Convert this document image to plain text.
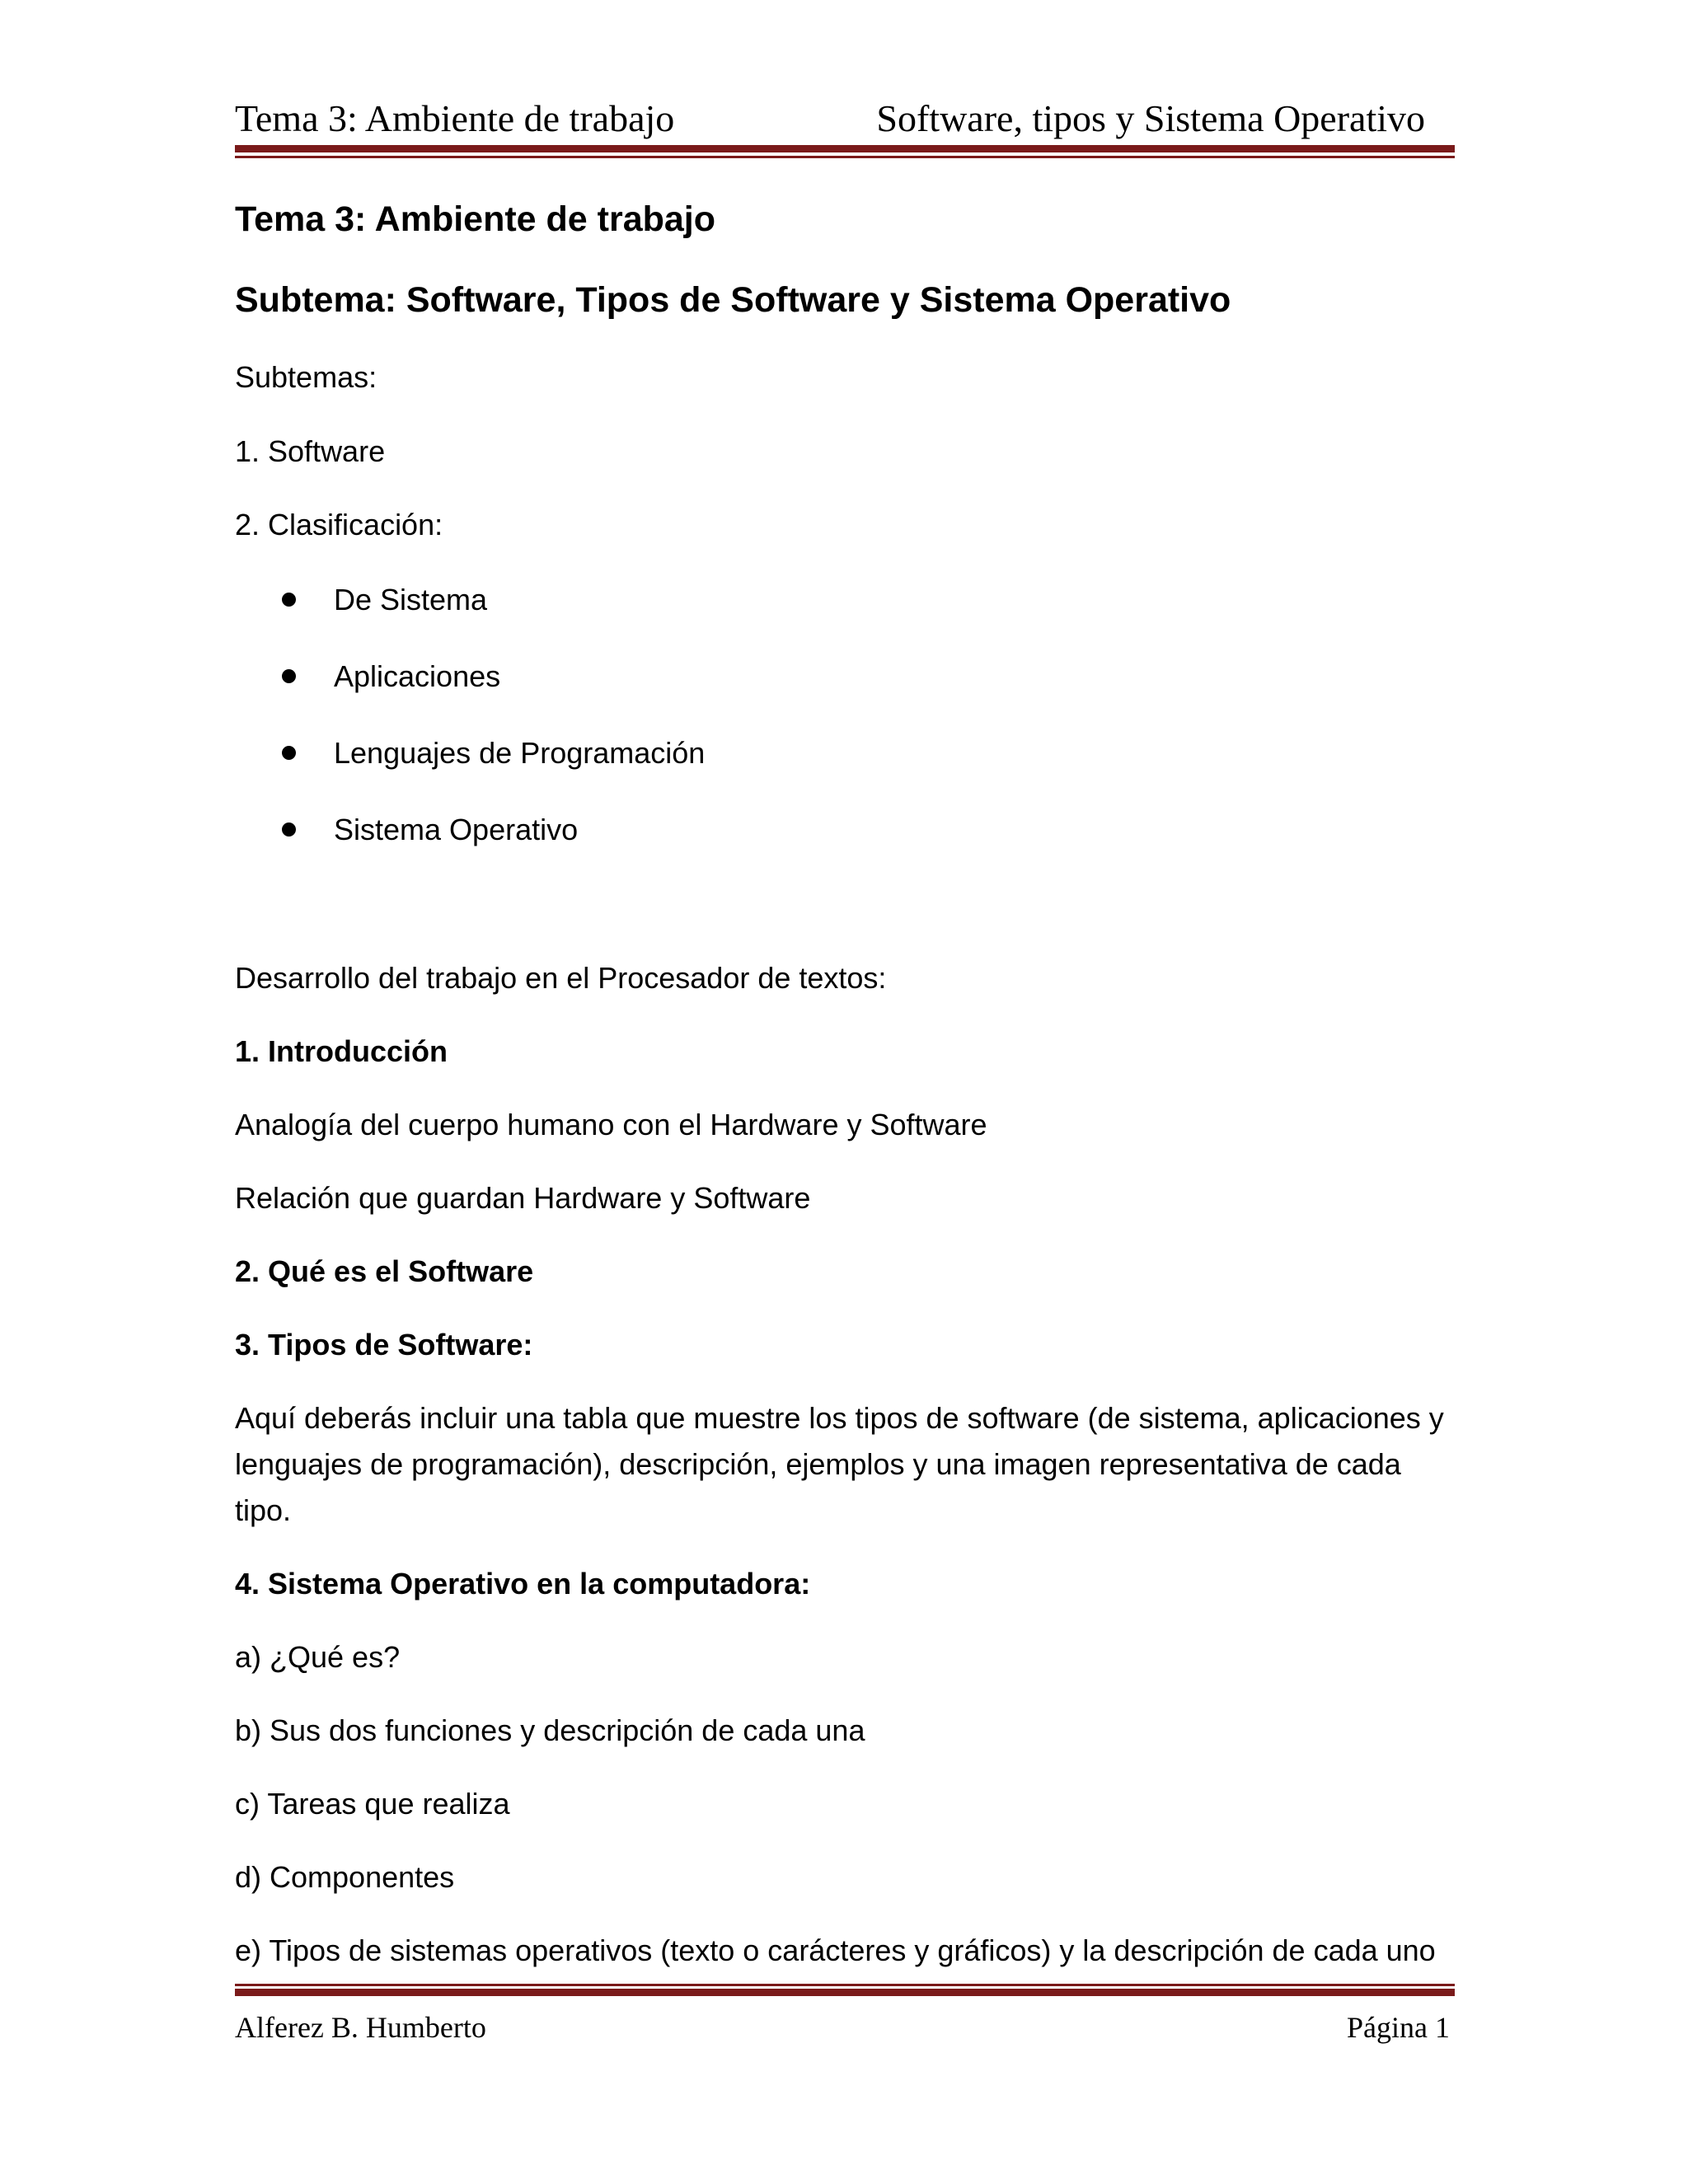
Tema 3: Ambiente de trabajo	Software, tipos y Sistema Operativo
Tema 3: Ambiente de trabajo
Subtema: Software, Tipos de Software y Sistema Operativo
Subtemas:
1. Software
2. Clasificación:
De Sistema
Aplicaciones
Lenguajes de Programación
Sistema Operativo
Desarrollo del trabajo en el Procesador de textos:
1. Introducción
Analogía del cuerpo humano con el Hardware y Software
Relación que guardan Hardware y Software
2. Qué es el Software
3. Tipos de Software:
Aquí deberás incluir una tabla que muestre los tipos de software (de sistema, aplicaciones y lenguajes de programación), descripción, ejemplos y una imagen representativa de cada tipo.
4. Sistema Operativo en la computadora:
a) ¿Qué es?
b) Sus dos funciones y descripción de cada una
c) Tareas que realiza
d) Componentes
e) Tipos de sistemas operativos (texto o carácteres y gráficos) y la descripción de cada uno
Alferez B. Humberto	Página 1
